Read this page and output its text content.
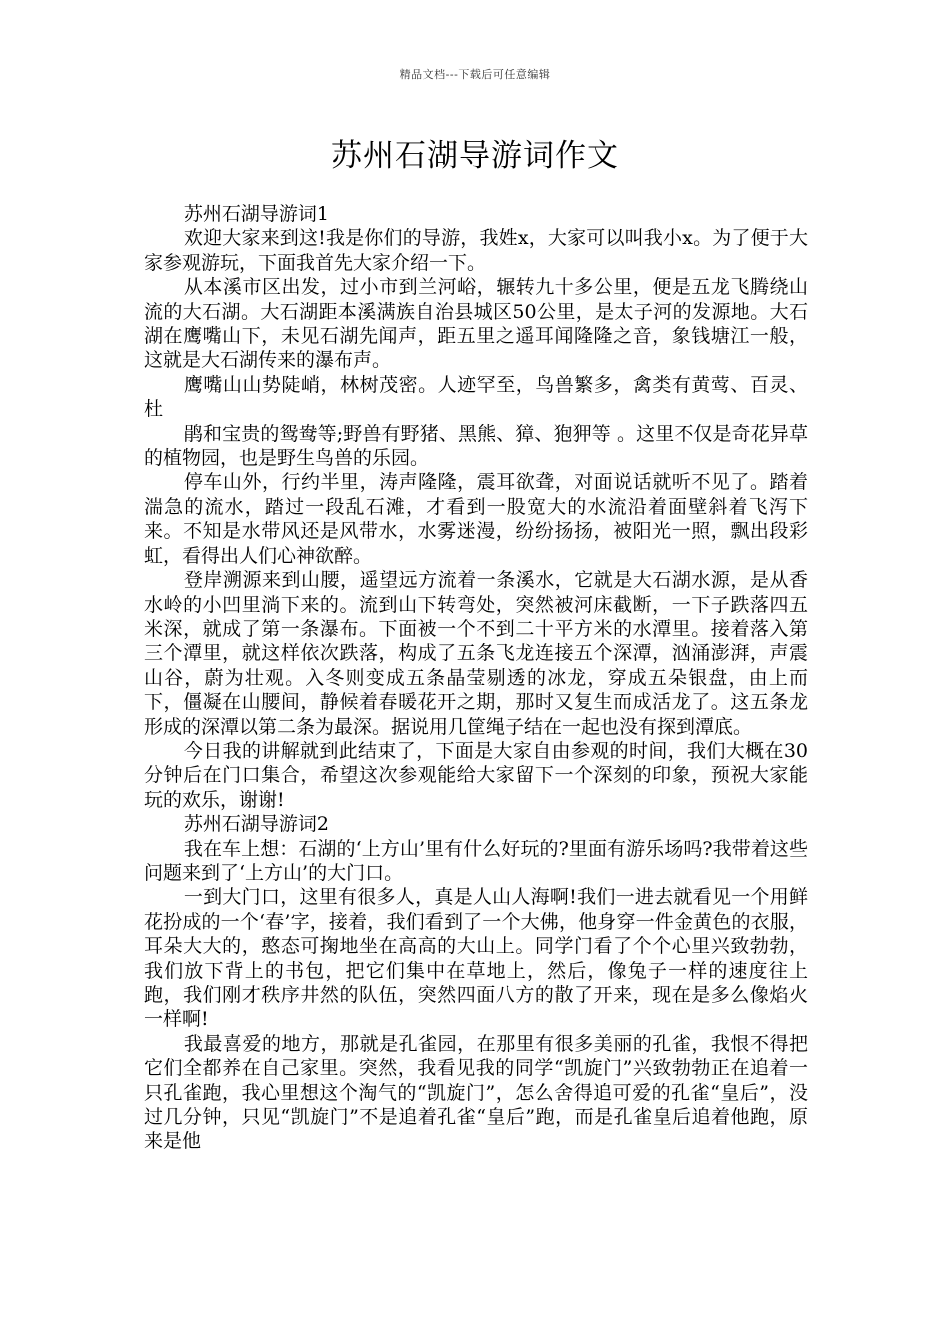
精品文档---下载后可任意编辑
苏州石湖导游词作文

苏州石湖导游词1

欢迎大家来到这!我是你们的导游，我姓x，大家可以叫我小x。为了便于大家参观游玩，下面我首先大家介绍一下。

从本溪市区出发，过小市到兰河峪，辗转九十多公里，便是五龙飞腾绕山流的大石湖。大石湖距本溪满族自治县城区50公里，是太子河的发源地。大石湖在鹰嘴山下，未见石湖先闻声，距五里之遥耳闻隆隆之音，象钱塘江一般，这就是大石湖传来的瀑布声。

鹰嘴山山势陡峭，林树茂密。人迹罕至，鸟兽繁多，禽类有黄莺、百灵、杜

鹃和宝贵的鸳鸯等;野兽有野猪、黑熊、獐、狍狎等 。这里不仅是奇花异草的植物园，也是野生鸟兽的乐园。

停车山外，行约半里，涛声隆隆，震耳欲聋，对面说话就听不见了。踏着湍急的流水，踏过一段乱石滩，才看到一股宽大的水流沿着面壁斜着飞泻下来。不知是水带风还是风带水，水雾迷漫，纷纷扬扬，被阳光一照，飘出段彩虹，看得出人们心神欲醉。

登岸溯源来到山腰，遥望远方流着一条溪水，它就是大石湖水源，是从香水岭的小凹里淌下来的。流到山下转弯处，突然被河床截断，一下子跌落四五米深，就成了第一条瀑布。下面被一个不到二十平方米的水潭里。接着落入第三个潭里，就这样依次跌落，构成了五条飞龙连接五个深潭，汹涌澎湃，声震山谷，蔚为壮观。入冬则变成五条晶莹剔透的冰龙，穿成五朵银盘，由上而下，僵凝在山腰间，静候着春暖花开之期，那时又复生而成活龙了。这五条龙形成的深潭以第二条为最深。据说用几筐绳子结在一起也没有探到潭底。

今日我的讲解就到此结束了，下面是大家自由参观的时间，我们大概在30分钟后在门口集合，希望这次参观能给大家留下一个深刻的印象，预祝大家能玩的欢乐，谢谢!

苏州石湖导游词2

我在车上想：石湖的‘上方山’里有什么好玩的?里面有游乐场吗?我带着这些问题来到了‘上方山’的大门口。

一到大门口，这里有很多人，真是人山人海啊!我们一进去就看见一个用鲜花扮成的一个‘春’字，接着，我们看到了一个大佛，他身穿一件金黄色的衣服，耳朵大大的，憨态可掬地坐在高高的大山上。同学门看了个个心里兴致勃勃，我们放下背上的书包，把它们集中在草地上，然后，像兔子一样的速度往上跑，我们刚才秩序井然的队伍，突然四面八方的散了开来，现在是多么像焰火一样啊!

我最喜爱的地方，那就是孔雀园，在那里有很多美丽的孔雀，我恨不得把它们全都养在自己家里。突然，我看见我的同学“凯旋门”兴致勃勃正在追着一只孔雀跑，我心里想这个淘气的“凯旋门”，怎么舍得追可爱的孔雀“皇后”，没过几分钟，只见“凯旋门”不是追着孔雀“皇后”跑，而是孔雀皇后追着他跑，原来是他
